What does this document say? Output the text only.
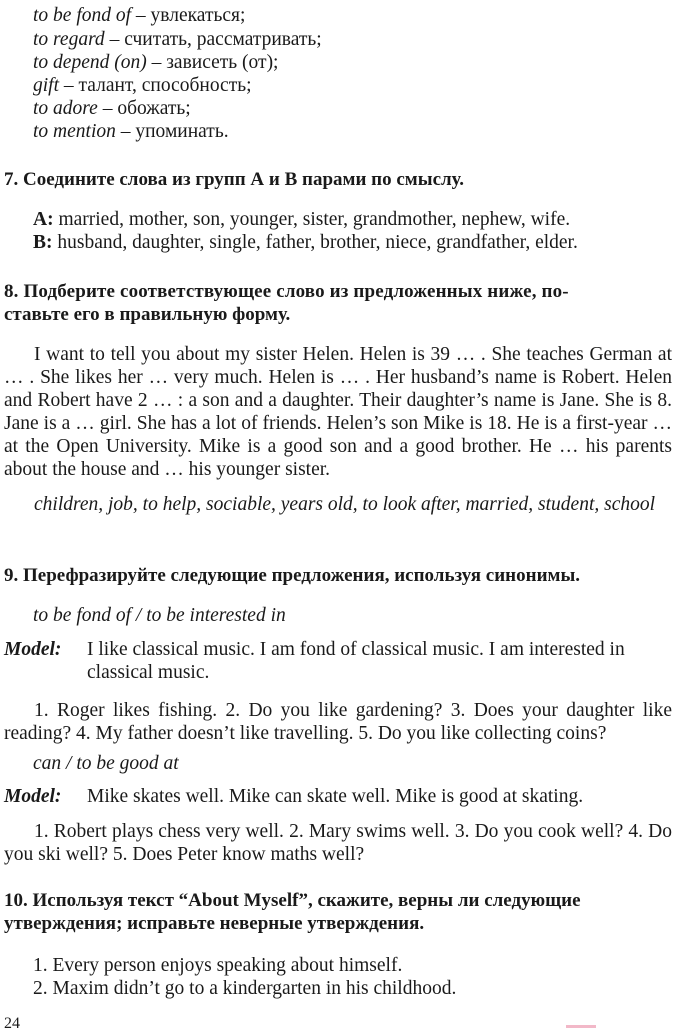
to be fond of – увлекаться;
to regard – считать, рассматривать;
to depend (on) – зависеть (от);
gift – талант, способность;
to adore – обожать;
to mention – упоминать.
7. Соедините слова из групп А и В парами по смыслу.
А: married, mother, son, younger, sister, grandmother, nephew, wife.
B: husband, daughter, single, father, brother, niece, grandfather, elder.
8. Подберите соответствующее слово из предложенных ниже, по-
ставьте его в правильную форму.
I want to tell you about my sister Helen. Helen is 39 … . She teaches German at … . She likes her … very much. Helen is … . Her husband’s name is Robert. Helen and Robert have 2 … : a son and a daughter. Their daughter’s name is Jane. She is 8. Jane is a … girl. She has a lot of friends. Helen’s son Mike is 18. He is a first-year … at the Open University. Mike is a good son and a good brother. He … his parents about the house and … his younger sister.
children, job, to help, sociable, years old, to look after, married, student, school
9. Перефразируйте следующие предложения, используя синонимы.
to be fond of / to be interested in
Model: I like classical music. I am fond of classical music. I am interested in classical music.
1. Roger likes fishing. 2. Do you like gardening? 3. Does your daughter like reading? 4. My father doesn’t like travelling. 5. Do you like collecting coins?
can / to be good at
Model: Mike skates well. Mike can skate well. Mike is good at skating.
1. Robert plays chess very well. 2. Mary swims well. 3. Do you cook well? 4. Do you ski well? 5. Does Peter know maths well?
10. Используя текст “About Myself”, скажите, верны ли следующие
утверждения; исправьте неверные утверждения.
1. Every person enjoys speaking about himself.
2. Maxim didn’t go to a kindergarten in his childhood.
24
